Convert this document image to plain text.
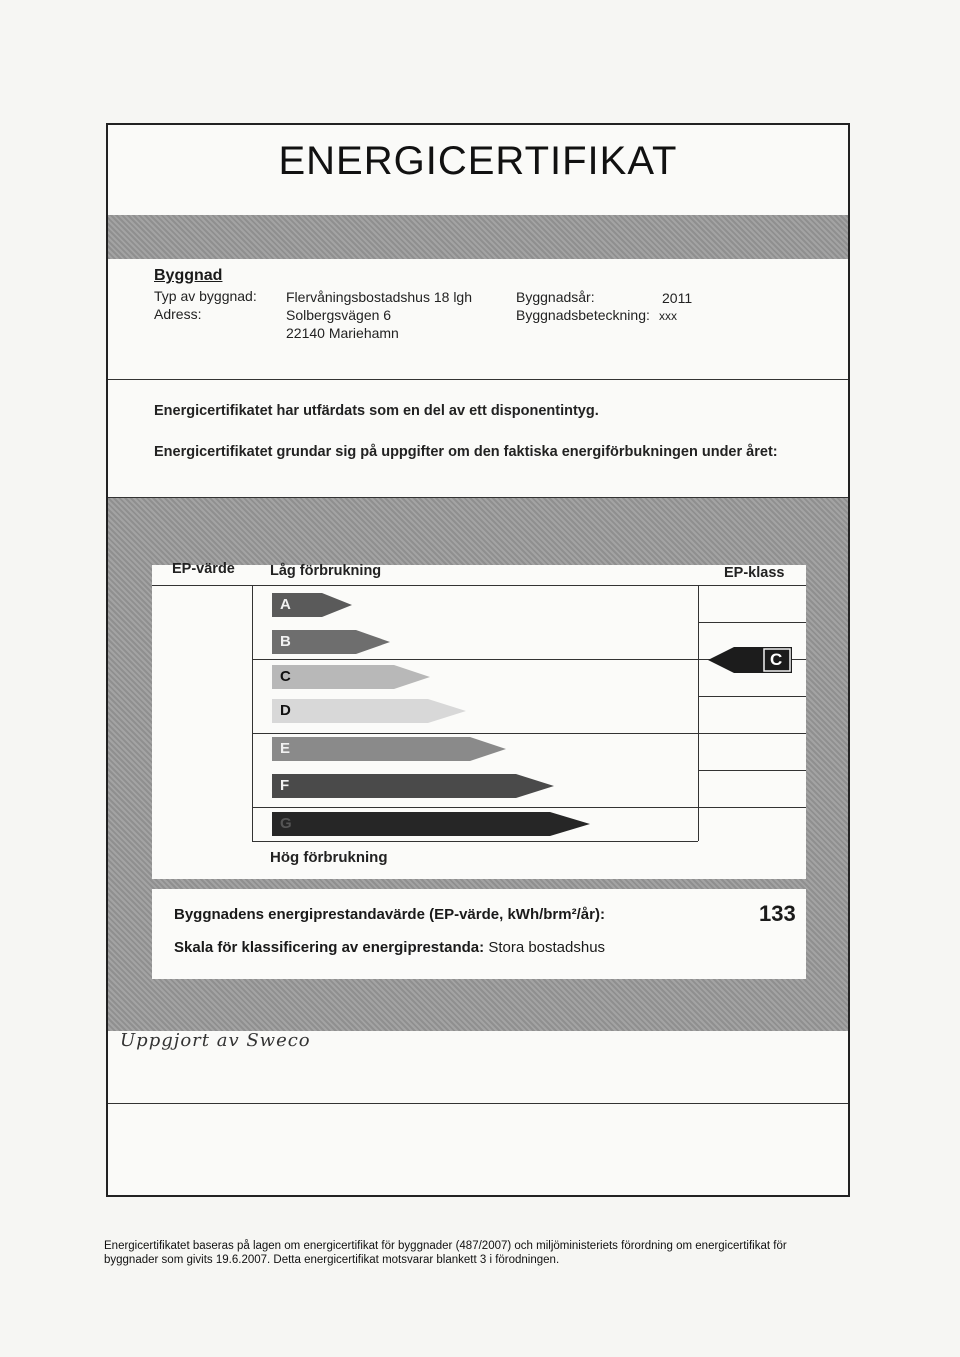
ENERGICERTIFIKAT
Byggnad
Typ av byggnad: Flervåningsbostadshus 18 lgh
Adress:	Solbergsvägen 6
22140 Mariehamn
Byggnadsår:	2011
Byggnadsbeteckning: xxx
Energicertifikatet har utfärdats som en del av ett disponentintyg.
Energicertifikatet grundar sig på uppgifter om den faktiska energiförbukningen under året:
EP-värde Låg förbrukning	EP-klass
A
B
C
D
E
F
G
C
Hög förbrukning
Byggnadens energiprestandavärde (EP-värde, kWh/brm²/år):	133
Skala för klassificering av energiprestanda: Stora bostadshus
Uppgjort av Sweco
Energicertifikatet baseras på lagen om energicertifikat för byggnader (487/2007) och miljöministeriets förordning om energicertifikat för byggnader som givits 19.6.2007. Detta energicertifikat motsvarar blankett 3 i förodningen.
